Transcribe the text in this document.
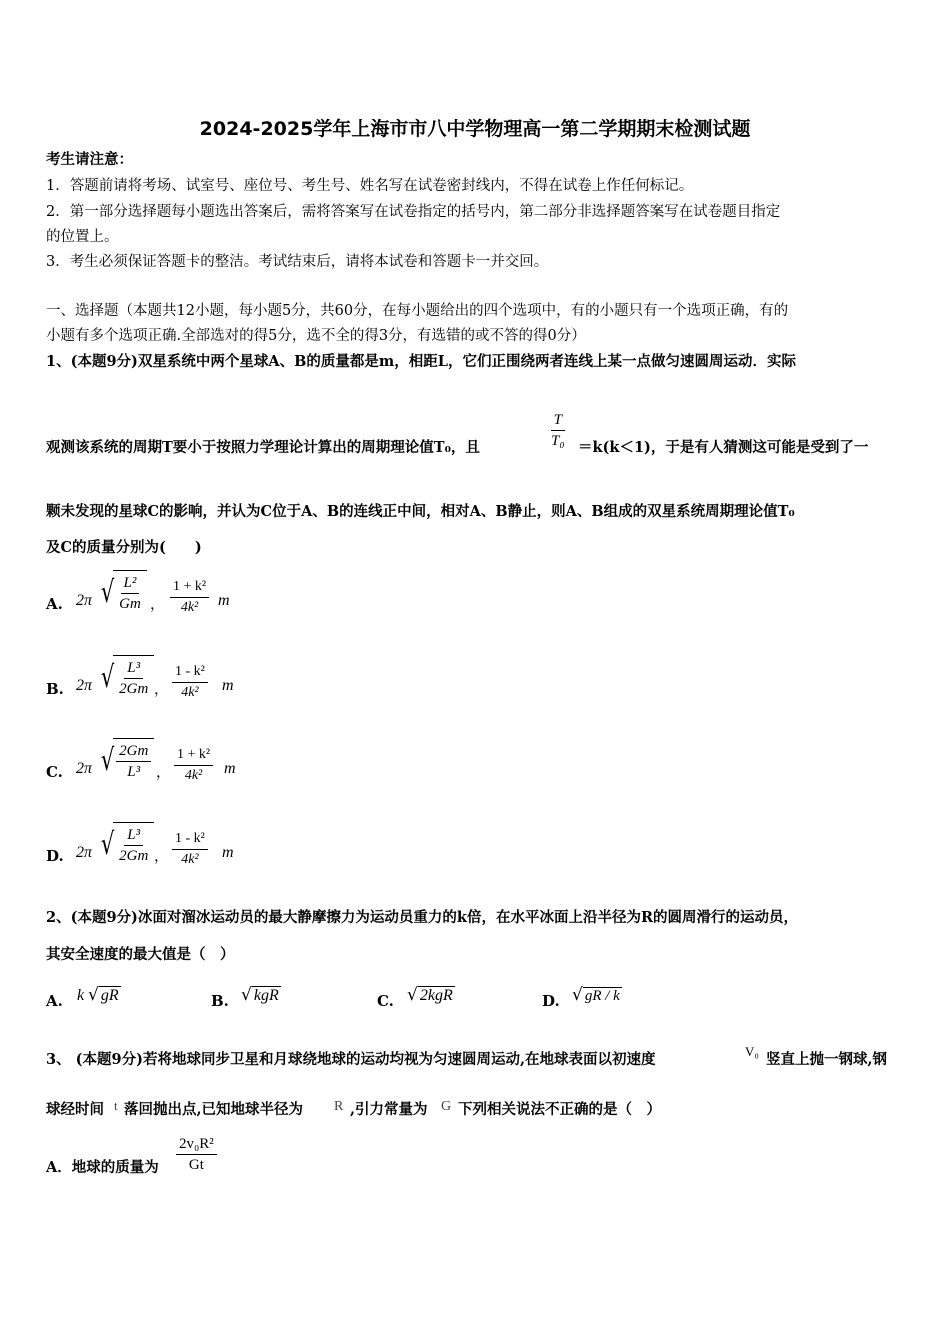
2024-2025学年上海市市八中学物理高一第二学期期末检测试题
考生请注意：
1．答题前请将考场、试室号、座位号、考生号、姓名写在试卷密封线内，不得在试卷上作任何标记。
2．第一部分选择题每小题选出答案后，需将答案写在试卷指定的括号内，第二部分非选择题答案写在试卷题目指定
的位置上。
3．考生必须保证答题卡的整洁。考试结束后，请将本试卷和答题卡一并交回。
一、选择题（本题共12小题，每小题5分，共60分，在每小题给出的四个选项中，有的小题只有一个选项正确，有的
小题有多个选项正确.全部选对的得5分，选不全的得3分，有选错的或不答的得0分）
1、(本题9分)双星系统中两个星球A、B的质量都是m，相距L，它们正围绕两者连线上某一点做匀速圆周运动．实际
观测该系统的周期T要小于按照力学理论计算出的周期理论值T₀，且	$\frac{T}{\text{T₀}} =k(k<1)$，于是有人猜测这可能是受到了一
颗未发现的星球C的影响，并认为C位于A、B的连线正中间，相对A、B静止，则A、B组成的双星系统周期理论值T₀
及C的质量分别为(　　)
A. 2π √ $\frac{\text{L²}}{Gm}$ ， $\frac{\text{1 + k²}}{\text{4k²}}$ m
B. 2π √ $\frac{\text{L³}}{2Gm}$ ， $\frac{\text{1 - k²}}{\text{4k²}}$ m
C. 2π √ $\frac{2Gm}{\text{L³}}$ ， $\frac{\text{1 + k²}}{\text{4k²}}$ m
D. 2π √ $\frac{\text{L³}}{2Gm}$ ， $\frac{\text{1 - k²}}{\text{4k²}}$ m
2、(本题9分)冰面对溜冰运动员的最大静摩擦力为运动员重力的k倍，在水平冰面上沿半径为R的圆周滑行的运动员，
其安全速度的最大值是（　）
A. k √ gR	B. √ kgR	C. √ 2kgR	D. √ gR / k
3、 (本题9分)若将地球同步卫星和月球绕地球的运动均视为匀速圆周运动,在地球表面以初速度	V₀ 竖直上抛一钢球,钢
球经时间 t 落回抛出点,已知地球半径为 R ,引力常量为 G 下列相关说法不正确的是（　）
A．地球的质量为 $\frac{\text{2v₀R²}}{Gt}$
